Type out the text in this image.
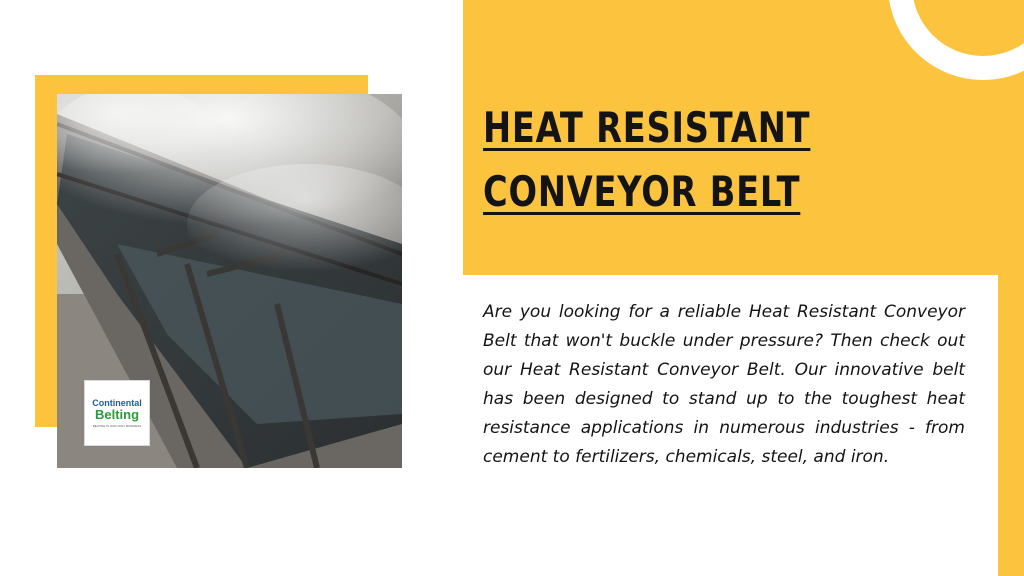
Continental
Belting
BELTING IS OUR ONLY BUSINESS
HEAT RESISTANT
CONVEYOR BELT

Are you looking for a reliable Heat Resistant Conveyor Belt that won't buckle under pressure? Then check out our Heat Resistant Conveyor Belt. Our innovative belt has been designed to stand up to the toughest heat resistance applications in numerous industries - from cement to fertilizers, chemicals, steel, and iron.
